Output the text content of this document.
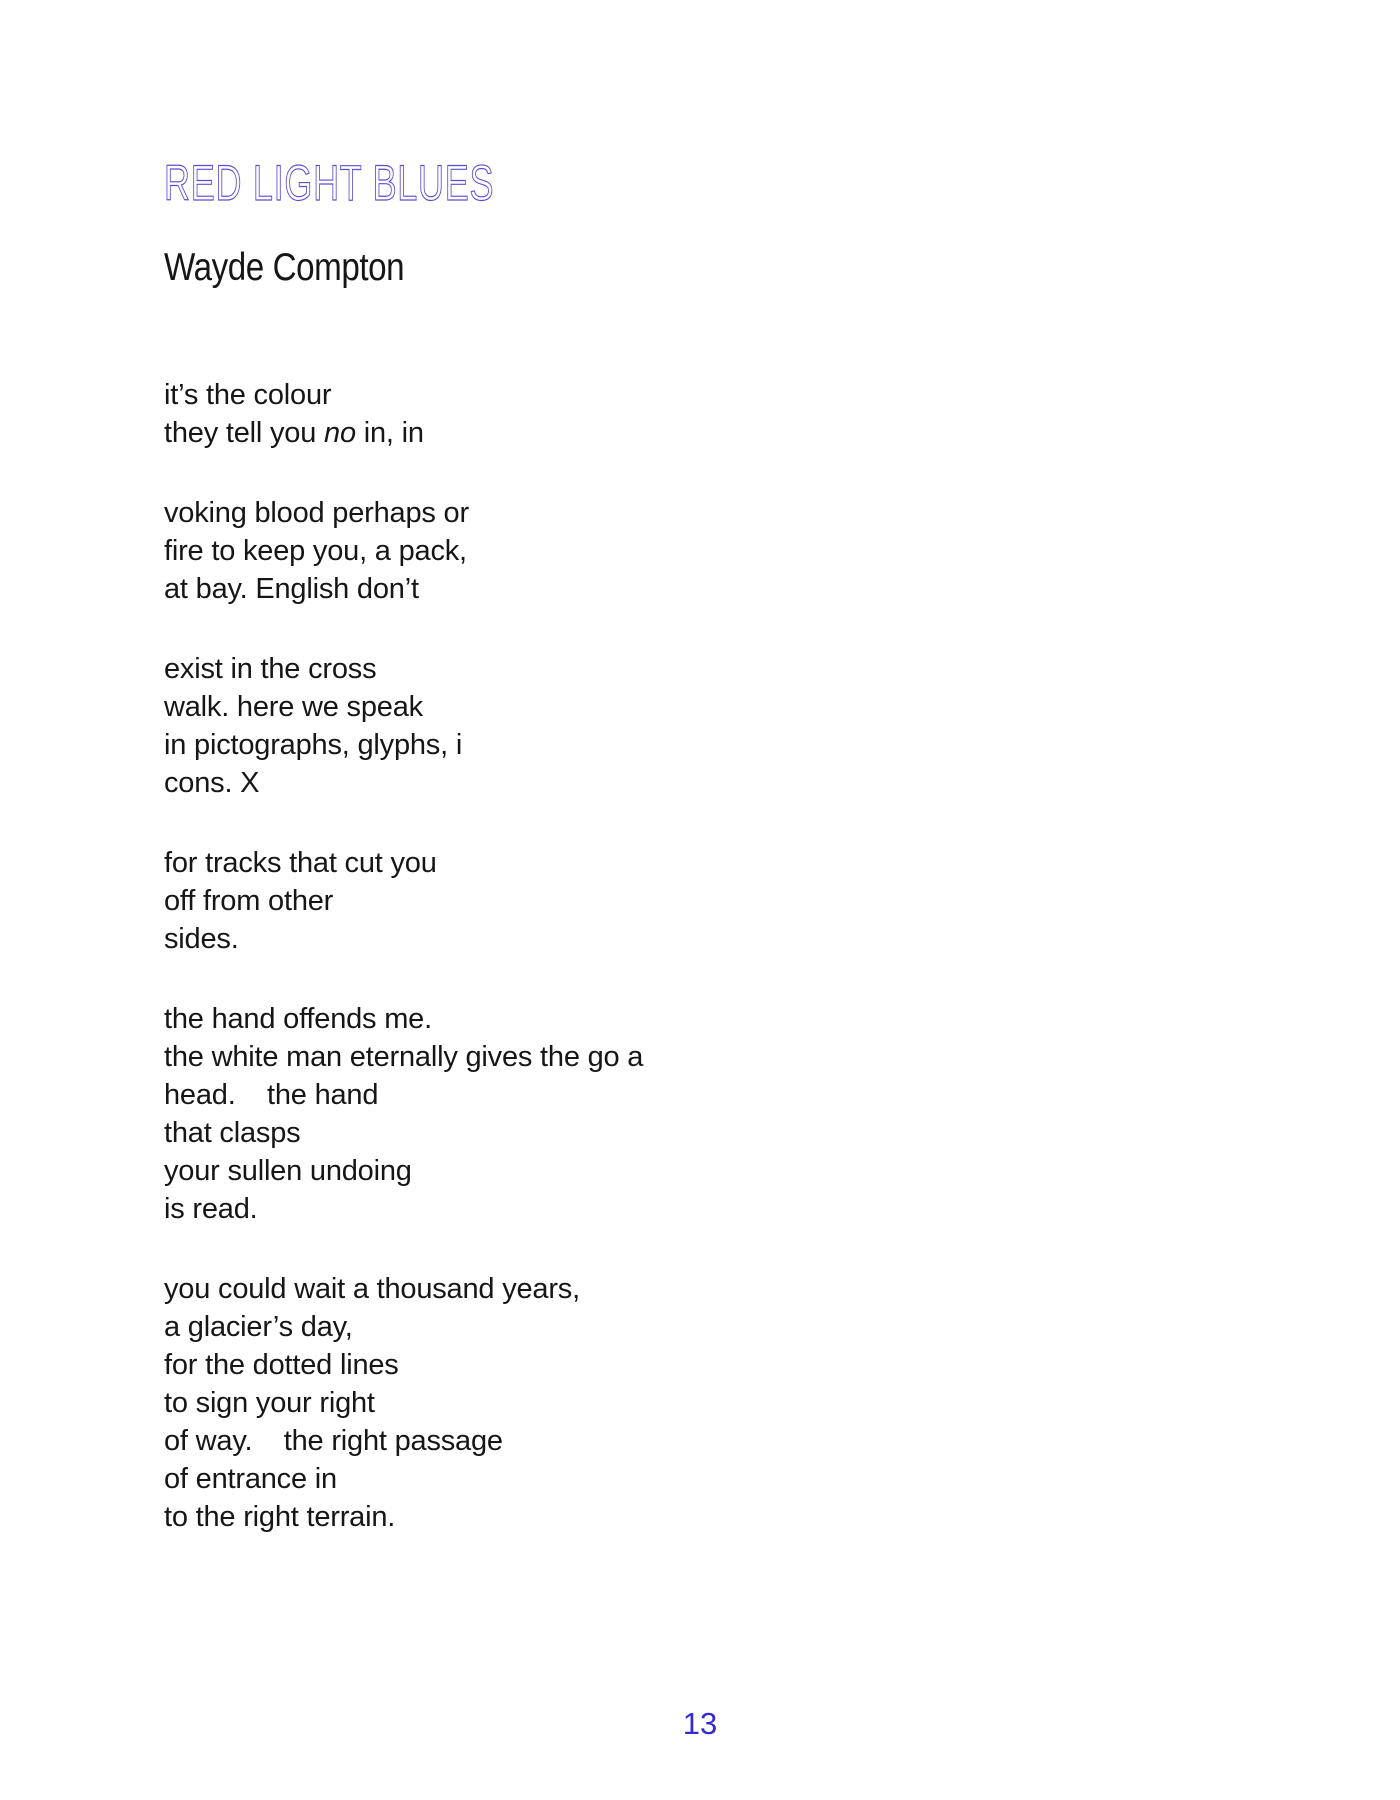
RED LIGHT BLUES
Wayde Compton

it’s the colour
they tell you no in, in

voking blood perhaps or
fire to keep you, a pack,
at bay. English don’t

exist in the cross
walk. here we speak
in pictographs, glyphs, i
cons. X

for tracks that cut you
off from other
sides.

the hand offends me.
the white man eternally gives the go a
head.    the hand
that clasps
your sullen undoing
is read.

you could wait a thousand years,
a glacier’s day,
for the dotted lines
to sign your right
of way.    the right passage
of entrance in
to the right terrain.

13
